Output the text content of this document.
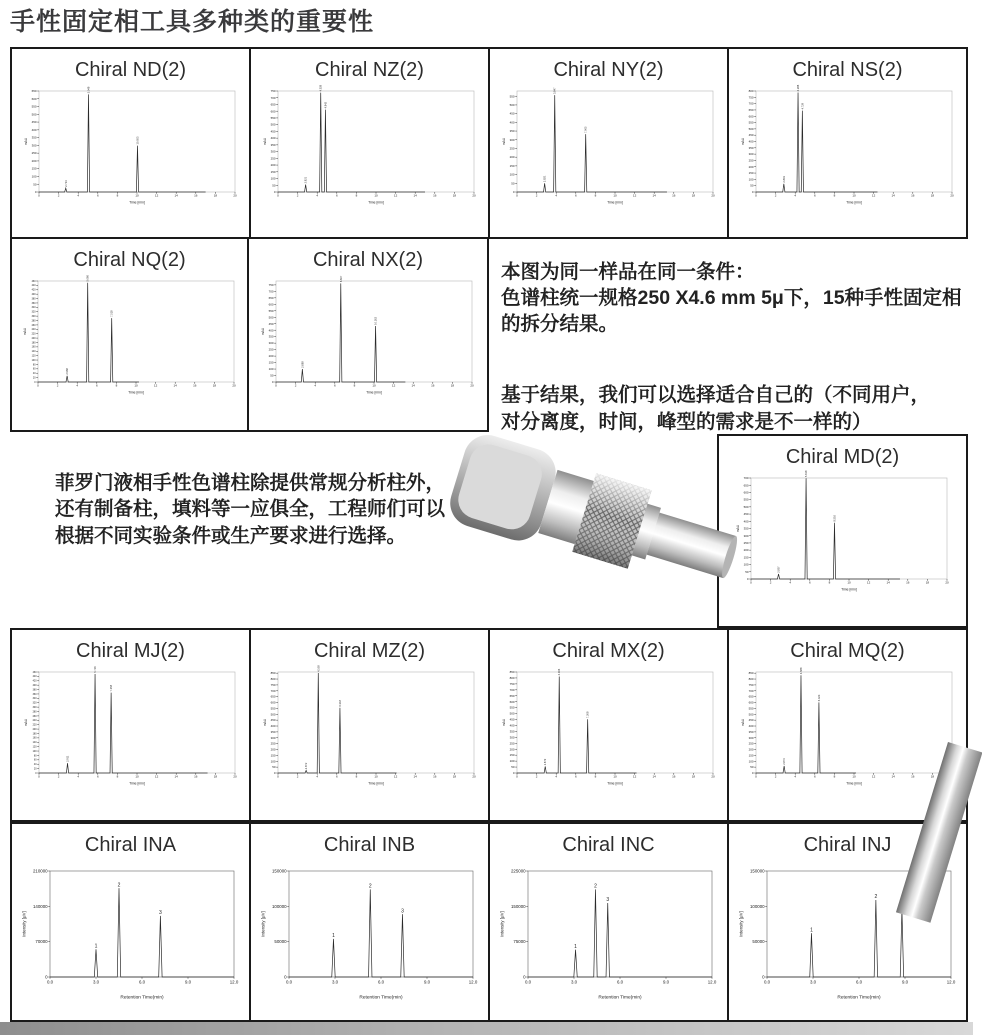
手性固定相工具多种类的重要性
Chiral ND(2)
0
50
100
150
200
250
300
350
400
450
500
550
600
650
0	2	4	6	8	10	12	14	16	18	20
Time [min]
mAU
2.734
5.048
10.053
Chiral NZ(2)
0
50
100
150
200
250
300
350
400
450
500
550
600
650
700
750
0	2	4	6	8	10	12	14	16	18	20
Time [min]
mAU
2.821
4.358
4.842
Chiral NY(2)
0
50
100
150
200
250
300
350
400
450
500
550
0	2	4	6	8	10	12	14	16	18	20
Time [min]
mAU
2.821
3.847
7.005
Chiral NS(2)
0
50
100
150
200
250
300
350
400
450
500
550
600
650
700
750
800
0	2	4	6	8	10	12	14	16	18	20
Time [min]
mAU
2.843
4.288
4.729
Chiral NQ(2)
0
20
40
60
80
100
120
140
160
180
200
220
240
260
280
300
320
340
360
380
400
420
440
460
0	2	4	6	8	10	12	14	16	18	20
Time [min]
mAU
2.968
5.066
7.518
Chiral NX(2)
0
50
100
150
200
250
300
350
400
450
500
550
600
650
700
750
0	2	4	6	8	10	12	14	16	18	20
Time [min]
mAU
2.688
6.607
10.162
本图为同一样品在同一条件：
色谱柱统一规格250 X4.6 mm 5μ下，15种手性固定相的拆分结果。
基于结果，我们可以选择适合自己的（不同用户，
对分离度，时间，峰型的需求是不一样的）
菲罗门液相手性色谱柱除提供常规分析柱外，
还有制备柱，填料等一应俱全，工程师们可以
根据不同实验条件或生产要求进行选择。
Chiral MD(2)
0
50
100
150
200
250
300
350
400
450
500
550
600
650
700
0	2	4	6	8	10	12	14	16	18	20
Time [min]
mAU
2.807
5.618
8.516
Chiral MJ(2)
0
20
40
60
80
100
120
140
160
180
200
220
240
260
280
300
320
340
360
380
400
420
440
460
0	2	4	6	8	10	12	14	16	18	20
Time [min]
mAU
2.911
5.716
7.358
Chiral MZ(2)
0
50
100
150
200
250
300
350
400
450
500
550
600
650
700
750
800
850
0	2	4	6	8	10	12	14	16	18	20
Time [min]
mAU
2.872
4.108
6.318
Chiral MX(2)
0
50
100
150
200
250
300
350
400
450
500
550
600
650
700
750
800
850
0	2	4	6	8	10	12	14	16	18	20
Time [min]
mAU
2.879
4.306
7.208
Chiral MQ(2)
0
50
100
150
200
250
300
350
400
450
500
550
600
650
700
750
800
850
0	2	4	6	8	10	12	14	16	18
Time [min]
mAU
2.873
4.588
6.423
Chiral INA
0
70000
140000
210000
0.0	3.0	6.0	9.0	12.0
Retention Time(min)
Intensity [μV]
1
2
3
Chiral INB
0
50000
100000
150000
0.0	3.0	6.0	9.0	12.0
Retention Time(min)
Intensity [μV]	1
2
3
Chiral INC
0
75000
150000
225000
0.0	3.0	6.0	9.0	12.0
Retention Time(min)
Intensity [μV]
1
2
3
Chiral INJ
0
50000
100000
150000
0.0	3.0	6.0	9.0	12.0
Retention Time(min)
Intensity [μV]	1
2
